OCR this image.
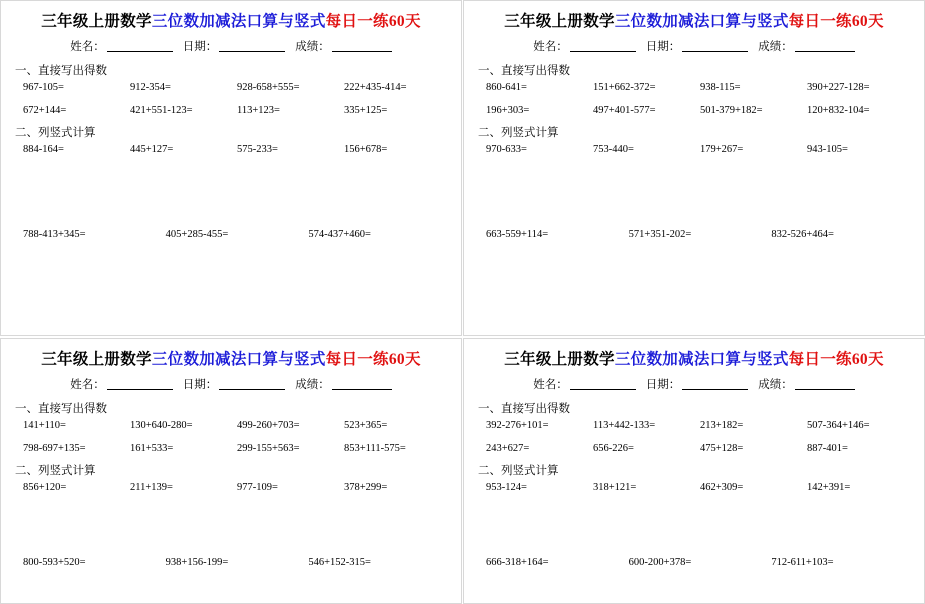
三年级上册数学三位数加减法口算与竖式每日一练60天
姓名：	日期：	成绩：
一、直接写出得数
967-105=	912-354=	928-658+555=	222+435-414=
672+144=	421+551-123=	113+123=	335+125=
二、列竖式计算
884-164=	445+127=	575-233=	156+678=
788-413+345=	405+285-455=	574-437+460=
三年级上册数学三位数加减法口算与竖式每日一练60天
姓名：	日期：	成绩：
一、直接写出得数
860-641=	151+662-372=	938-115=	390+227-128=
196+303=	497+401-577=	501-379+182=	120+832-104=
二、列竖式计算
970-633=	753-440=	179+267=	943-105=
663-559+114=	571+351-202=	832-526+464=
三年级上册数学三位数加减法口算与竖式每日一练60天
姓名：	日期：	成绩：
一、直接写出得数
141+110=	130+640-280=	499-260+703=	523+365=
798-697+135=	161+533=	299-155+563=	853+111-575=
二、列竖式计算
856+120=	211+139=	977-109=	378+299=
800-593+520=	938+156-199=	546+152-315=
三年级上册数学三位数加减法口算与竖式每日一练60天
姓名：	日期：	成绩：
一、直接写出得数
392-276+101=	113+442-133=	213+182=	507-364+146=
243+627=	656-226=	475+128=	887-401=
二、列竖式计算
953-124=	318+121=	462+309=	142+391=
666-318+164=	600-200+378=	712-611+103=
